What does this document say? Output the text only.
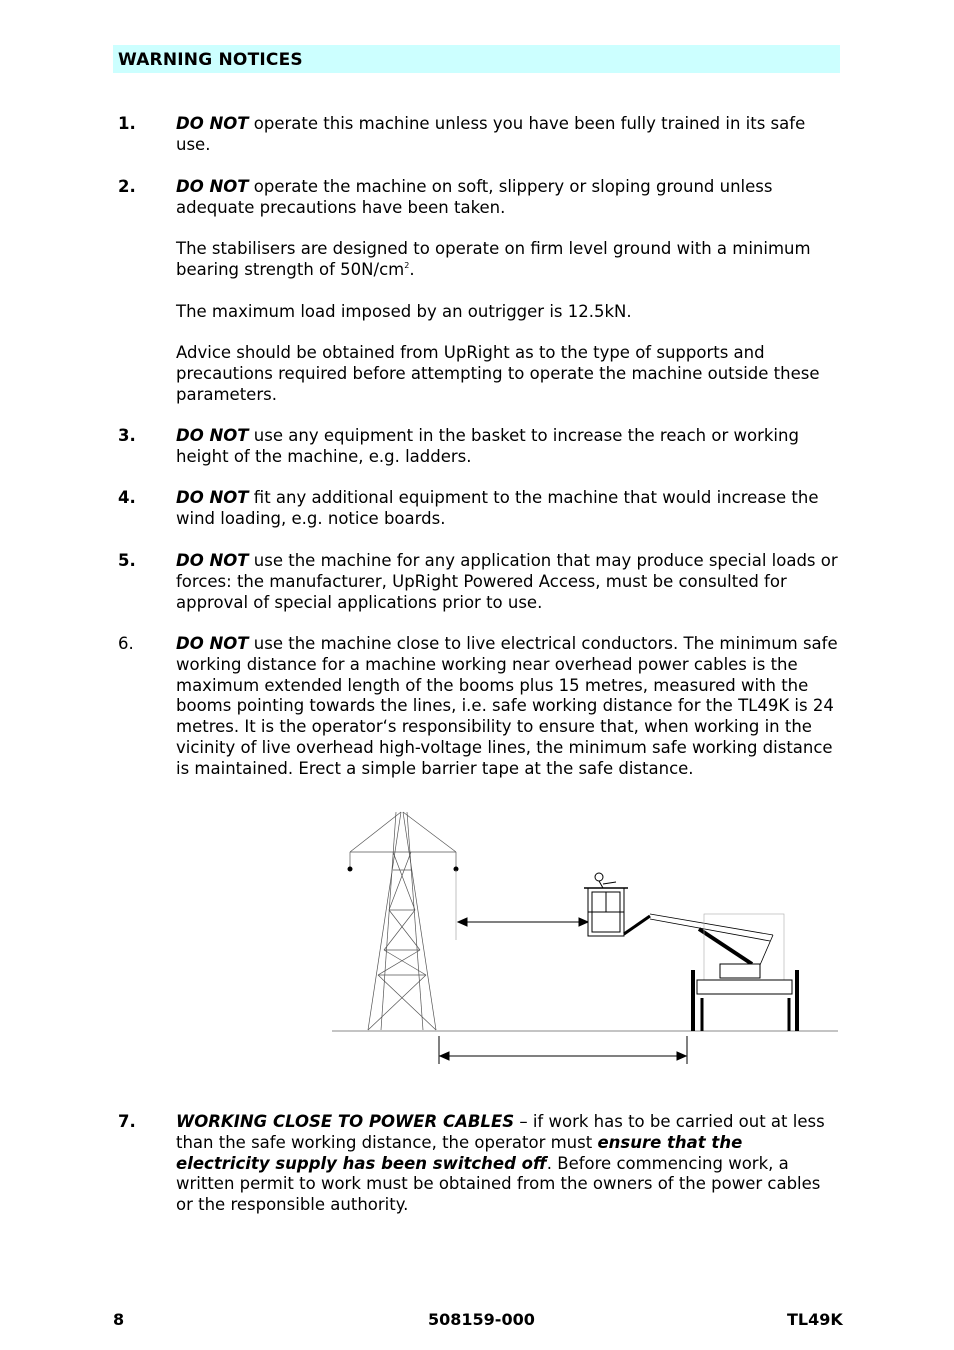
WARNING NOTICES
1. DO NOT operate this machine unless you have been fully trained in its safe use.

2. DO NOT operate the machine on soft, slippery or sloping ground unless adequate precautions have been taken.

The stabilisers are designed to operate on firm level ground with a minimum bearing strength of $50N/cm^2$.

The maximum load imposed by an outrigger is 12.5kN.

Advice should be obtained from UpRight as to the type of supports and precautions required before attempting to operate the machine outside these parameters.

3. DO NOT use any equipment in the basket to increase the reach or working height of the machine, e.g. ladders.

4. DO NOT fit any additional equipment to the machine that would increase the wind loading, e.g. notice boards.

5. DO NOT use the machine for any application that may produce special loads or forces: the manufacturer, UpRight Powered Access, must be consulted for approval of special applications prior to use.

6.	DO NOT use the machine close to live electrical conductors. The minimum safe working distance for a machine working near overhead power cables is the maximum extended length of the booms plus 15 metres, measured with the booms pointing towards the lines, i.e. safe working distance for the TL49K is 24 metres. It is the operator‘s responsibility to ensure that, when working in the vicinity of live overhead high-voltage lines, the minimum safe working distance is maintained. Erect a simple barrier tape at the safe distance.

7. WORKING CLOSE TO POWER CABLES – if work has to be carried out at less than the safe working distance, the operator must ensure that the electricity supply has been switched off. Before commencing work, a written permit to work must be obtained from the owners of the power cables or the responsible authority.

8	508159-000	TL49K
